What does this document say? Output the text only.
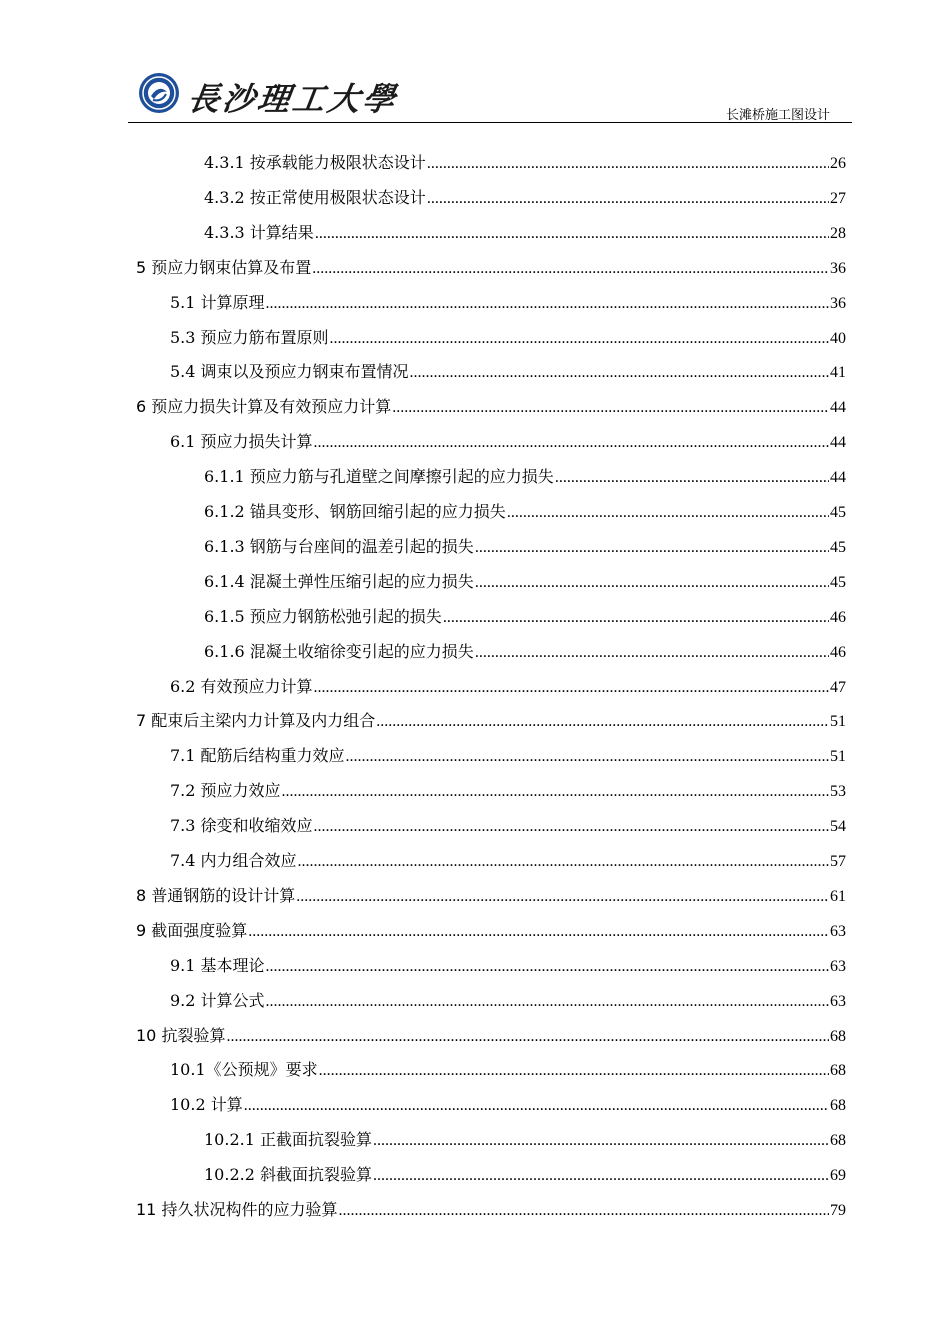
長沙理工大學	长滩桥施工图设计
4.3.1 按承载能力极限状态设计 .....	26
4.3.2 按正常使用极限状态设计 .....	27
4.3.3 计算结果 .....	28
5 预应力钢束估算及布置 .....	36
5.1 计算原理 .....	36
5.3 预应力筋布置原则 .....	40
5.4 调束以及预应力钢束布置情况 .....	41
6 预应力损失计算及有效预应力计算 .....	44
6.1 预应力损失计算 .....	44
6.1.1 预应力筋与孔道壁之间摩擦引起的应力损失 .....	44
6.1.2 锚具变形、钢筋回缩引起的应力损失 .....	45
6.1.3 钢筋与台座间的温差引起的损失 .....	45
6.1.4 混凝土弹性压缩引起的应力损失 .....	45
6.1.5 预应力钢筋松弛引起的损失 .....	46
6.1.6 混凝土收缩徐变引起的应力损失 .....	46
6.2 有效预应力计算 .....	47
7 配束后主梁内力计算及内力组合 .....	51
7.1 配筋后结构重力效应 .....	51
7.2 预应力效应 .....	53
7.3 徐变和收缩效应 .....	54
7.4 内力组合效应 .....	57
8 普通钢筋的设计计算 .....	61
9 截面强度验算 .....	63
9.1 基本理论 .....	63
9.2 计算公式 .....	63
10 抗裂验算 .....	68
10.1《公预规》要求 .....	68
10.2 计算 .....	68
10.2.1 正截面抗裂验算 .....	68
10.2.2 斜截面抗裂验算 .....	69
11 持久状况构件的应力验算 .....	79
